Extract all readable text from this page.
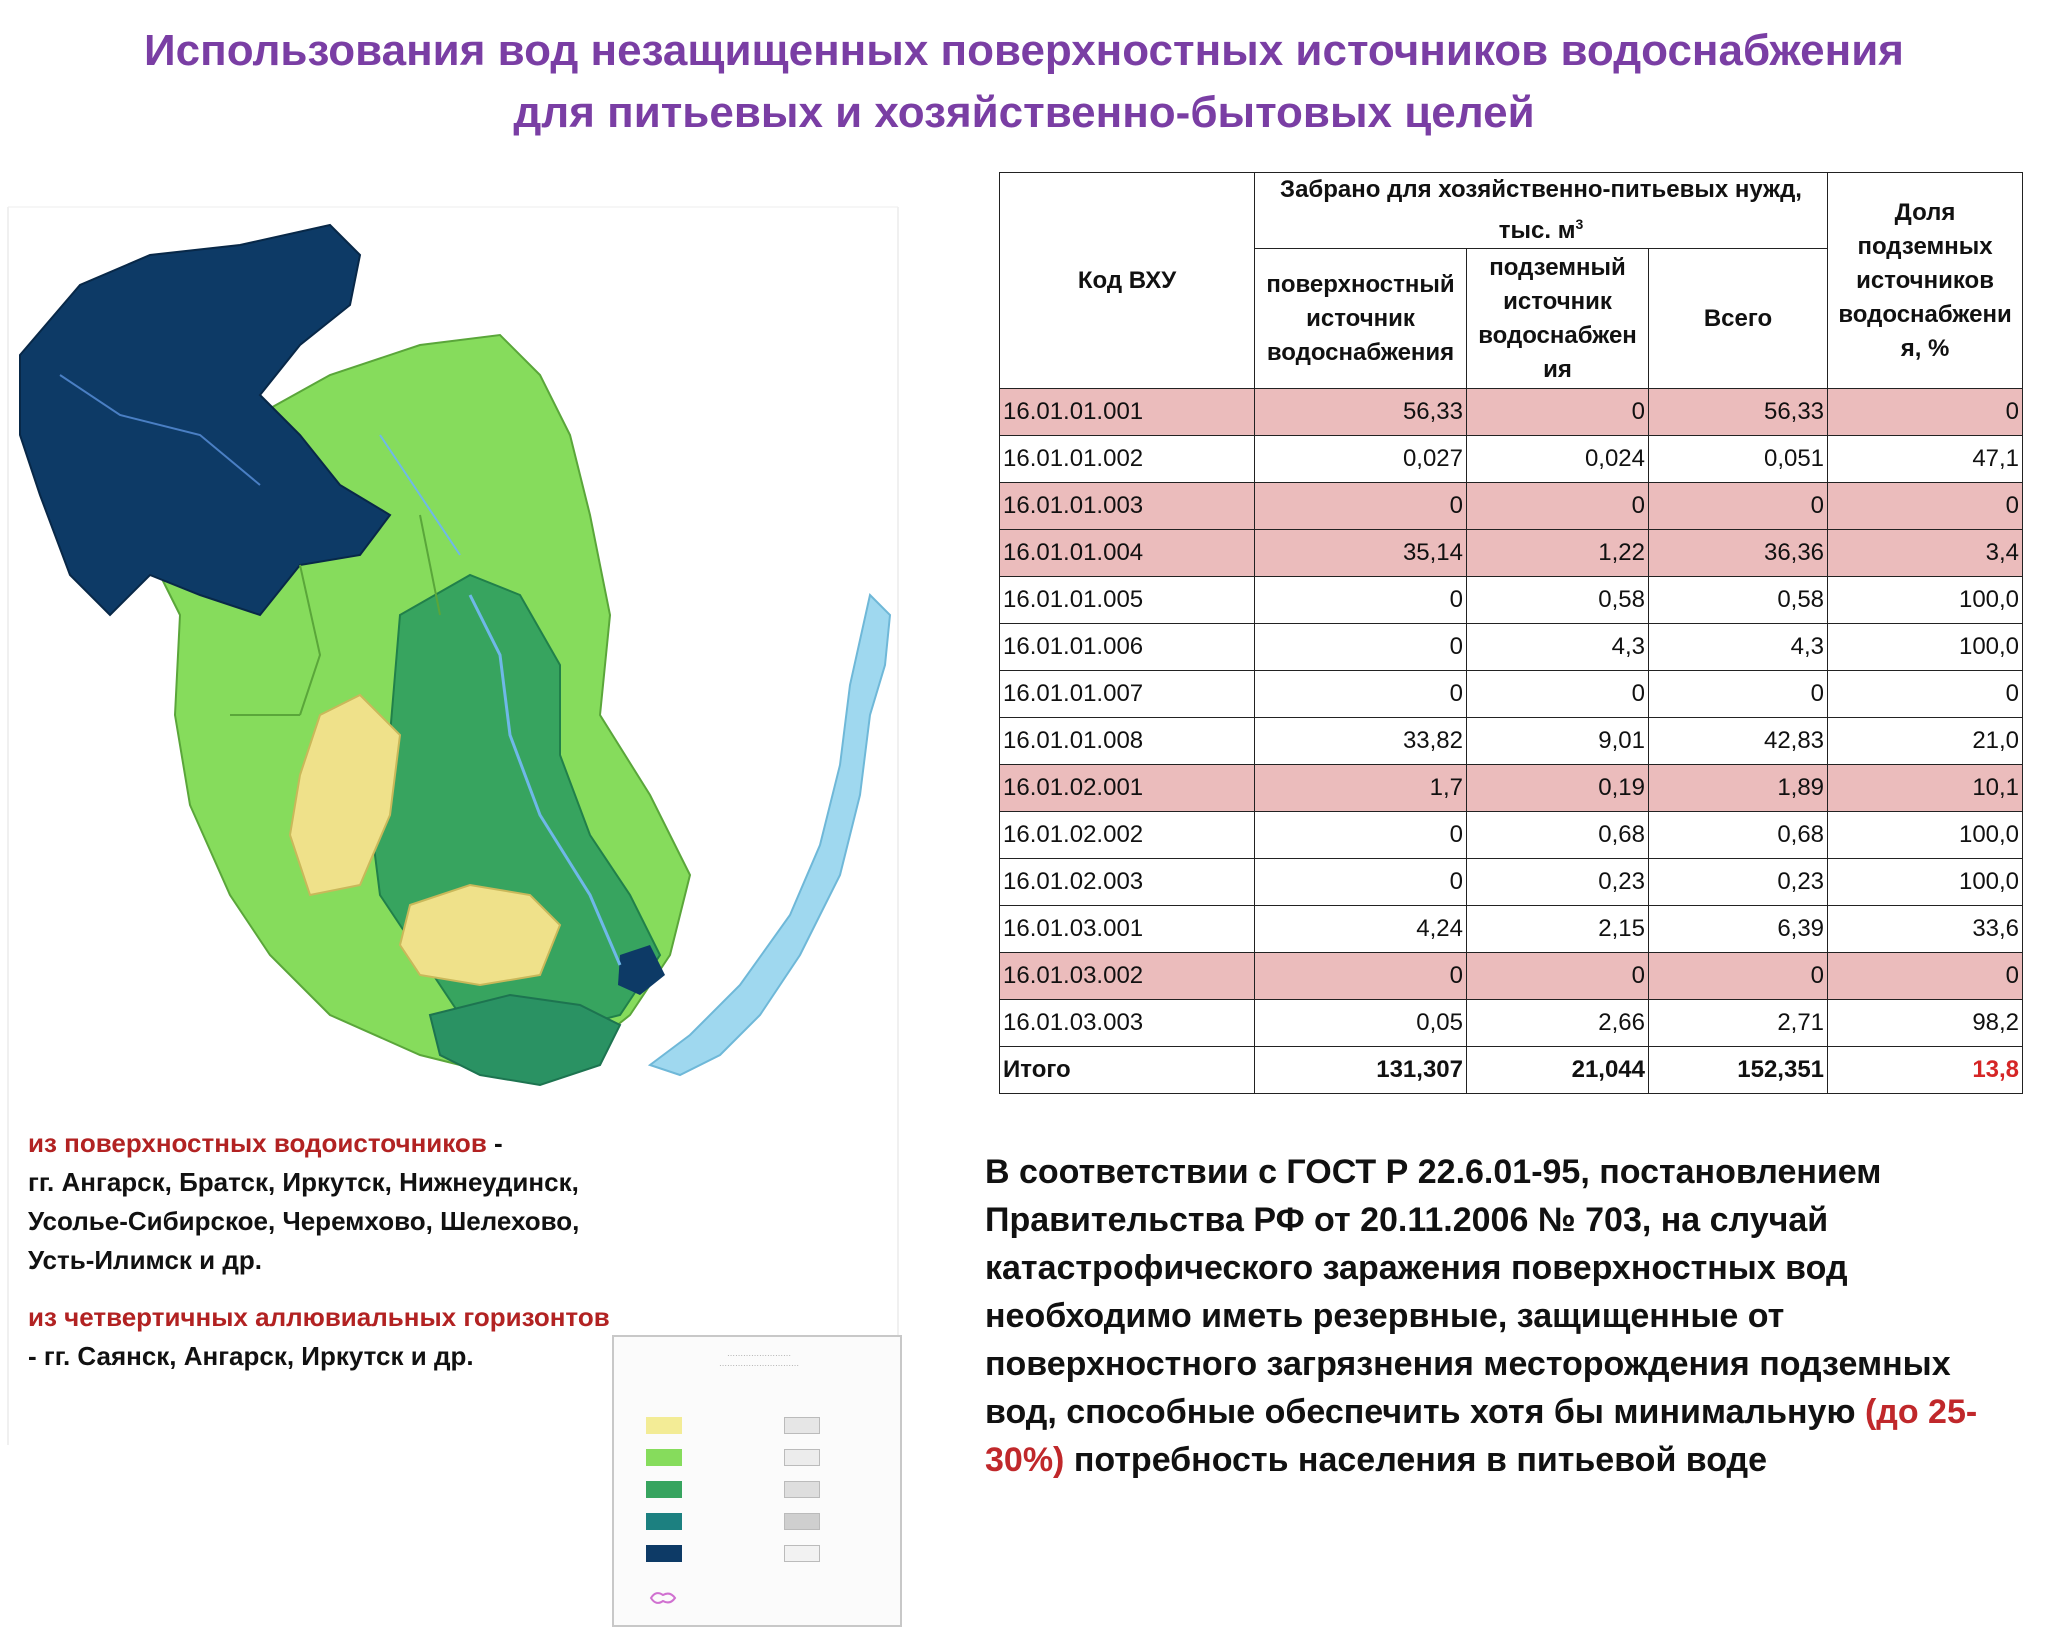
Использования вод незащищенных поверхностных источников водоснабжения
для питьевых и хозяйственно-бытовых целей
⋯⋯⋯⋯⋯⋯⋯⋯
⋯⋯⋯⋯⋯⋯⋯⋯⋯⋯
Код ВХУ	Забрано для хозяйственно-питьевых нужд, тыс. $м^3$			Доля подземных источников водоснабжени я, %
	поверхностный источник водоснабжения	подземный источник водоснабжен ия	Всего	
16.01.01.001	56,33	0	56,33	0
16.01.01.002	0,027	0,024	0,051	47,1
16.01.01.003	0	0	0	0
16.01.01.004	35,14	1,22	36,36	3,4
16.01.01.005	0	0,58	0,58	100,0
16.01.01.006	0	4,3	4,3	100,0
16.01.01.007	0	0	0	0
16.01.01.008	33,82	9,01	42,83	21,0
16.01.02.001	1,7	0,19	1,89	10,1
16.01.02.002	0	0,68	0,68	100,0
16.01.02.003	0	0,23	0,23	100,0
16.01.03.001	4,24	2,15	6,39	33,6
16.01.03.002	0	0	0	0
16.01.03.003	0,05	2,66	2,71	98,2
Итого	131,307	21,044	152,351	13,8

из поверхностных водоисточников -
гг. Ангарск, Братск, Иркутск, Нижнеудинск, Усолье-Сибирское, Черемхово, Шелехово, Усть-Илимск и др.

из четвертичных аллювиальных горизонтов - гг. Саянск, Ангарск, Иркутск и др.

В соответствии с ГОСТ Р 22.6.01-95, постановлением Правительства РФ от 20.11.2006 № 703, на случай катастрофического заражения поверхностных вод необходимо иметь резервные, защищенные от поверхностного загрязнения месторождения подземных вод, способные обеспечить хотя бы минимальную (до 25-30%) потребность населения в питьевой воде
